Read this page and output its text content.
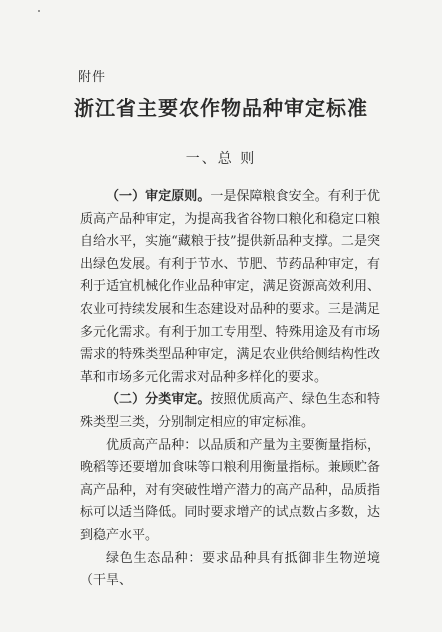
附件
浙江省主要农作物品种审定标准
一、总 则

（一）审定原则。一是保障粮食安全。有利于优质高产品种审定，为提高我省谷物口粮化和稳定口粮自给水平，实施“藏粮于技”提供新品种支撑。二是突出绿色发展。有利于节水、节肥、节药品种审定，有利于适宜机械化作业品种审定，满足资源高效利用、农业可持续发展和生态建设对品种的要求。三是满足多元化需求。有利于加工专用型、特殊用途及有市场需求的特殊类型品种审定，满足农业供给侧结构性改革和市场多元化需求对品种多样化的要求。

（二）分类审定。按照优质高产、绿色生态和特殊类型三类，分别制定相应的审定标准。

优质高产品种：以品质和产量为主要衡量指标，晚稻等还要增加食味等口粮利用衡量指标。兼顾贮备高产品种，对有突破性增产潜力的高产品种，品质指标可以适当降低。同时要求增产的试点数占多数，达到稳产水平。

绿色生态品种：要求品种具有抵御非生物逆境（干旱、
